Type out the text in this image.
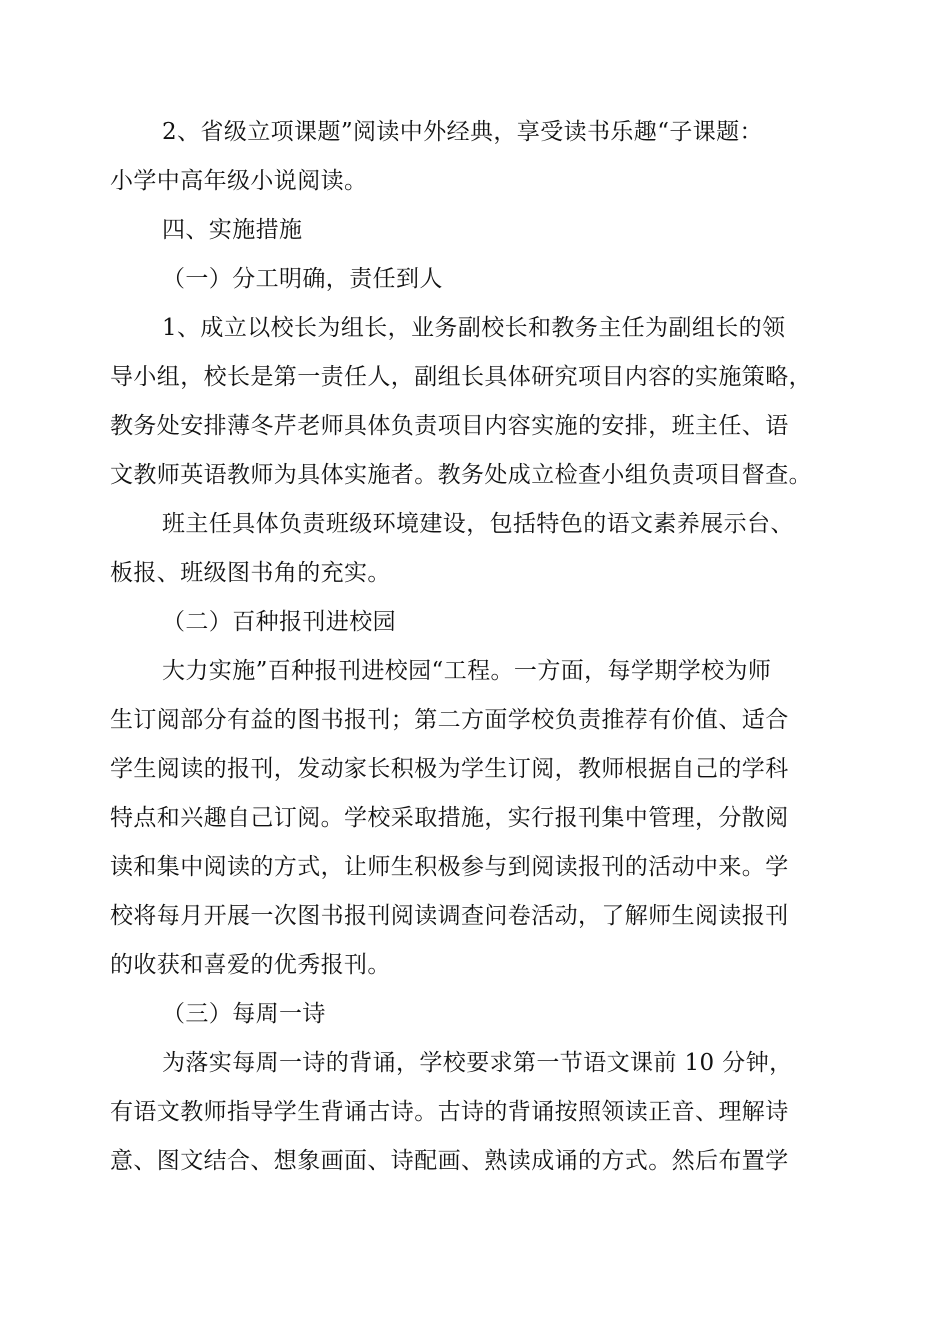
2、省级立项课题”阅读中外经典，享受读书乐趣“子课题：
小学中高年级小说阅读。
四、实施措施
（一）分工明确，责任到人
1、成立以校长为组长，业务副校长和教务主任为副组长的领
导小组，校长是第一责任人，副组长具体研究项目内容的实施策略，
教务处安排薄冬芹老师具体负责项目内容实施的安排，班主任、语
文教师英语教师为具体实施者。教务处成立检查小组负责项目督查。
班主任具体负责班级环境建设，包括特色的语文素养展示台、
板报、班级图书角的充实。
（二）百种报刊进校园
大力实施”百种报刊进校园“工程。一方面，每学期学校为师
生订阅部分有益的图书报刊；第二方面学校负责推荐有价值、适合
学生阅读的报刊，发动家长积极为学生订阅，教师根据自己的学科
特点和兴趣自己订阅。学校采取措施，实行报刊集中管理，分散阅
读和集中阅读的方式，让师生积极参与到阅读报刊的活动中来。学
校将每月开展一次图书报刊阅读调查问卷活动，了解师生阅读报刊
的收获和喜爱的优秀报刊。
（三）每周一诗
为落实每周一诗的背诵，学校要求第一节语文课前 10 分钟，
有语文教师指导学生背诵古诗。古诗的背诵按照领读正音、理解诗
意、图文结合、想象画面、诗配画、熟读成诵的方式。然后布置学
